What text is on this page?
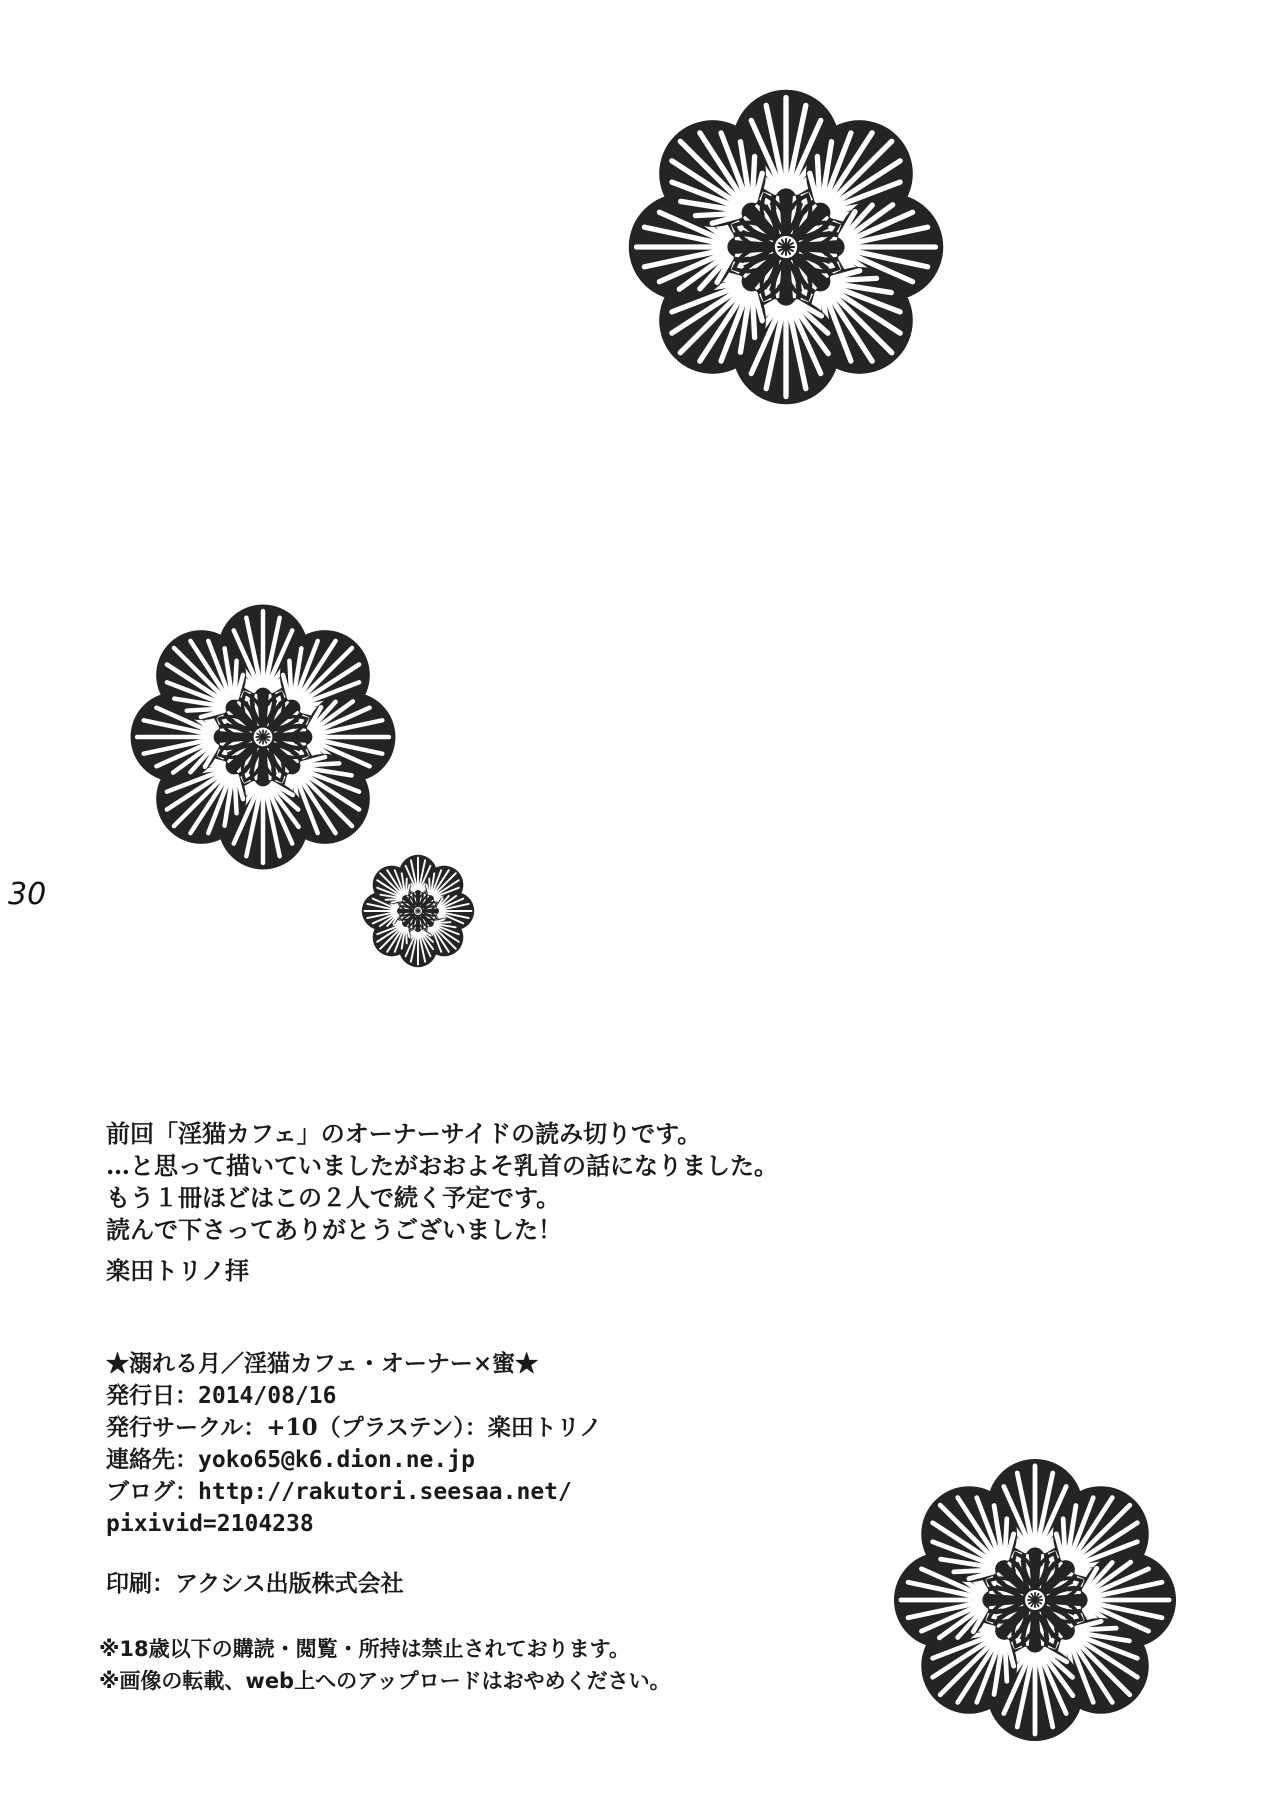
30
前回「淫猫カフェ」のオーナーサイドの読み切りです。
…と思って描いていましたがおおよそ乳首の話になりました。
もう１冊ほどはこの２人で続く予定です。
読んで下さってありがとうございました！
楽田トリノ拝
★溺れる月／淫猫カフェ・オーナー×蜜★
発行日：2014/08/16
発行サークル：+10（プラステン）：楽田トリノ
連絡先：yoko65@k6.dion.ne.jp
ブログ：http://rakutori.seesaa.net/
pixivid=2104238
印刷：アクシス出版株式会社
※18歳以下の購読・閲覧・所持は禁止されております。
※画像の転載、web上へのアップロードはおやめください。
